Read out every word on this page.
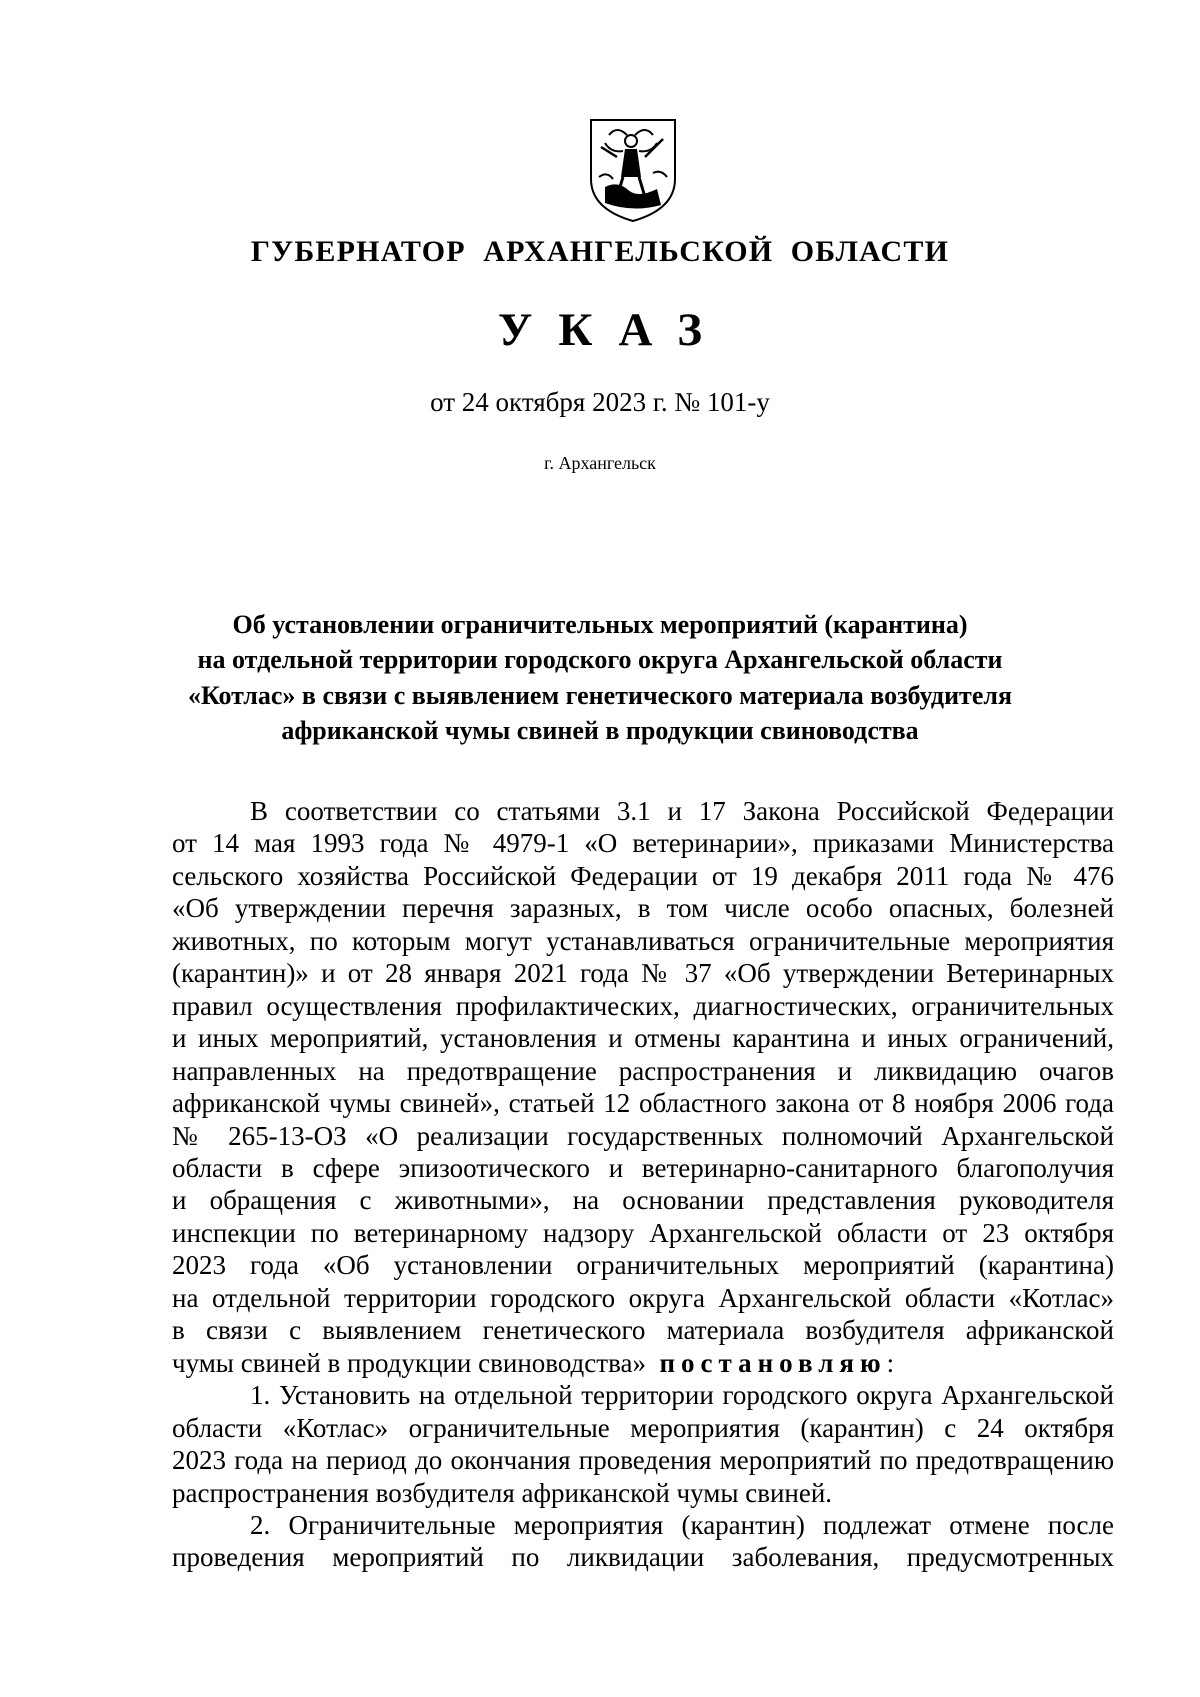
ГУБЕРНАТОР  АРХАНГЕЛЬСКОЙ  ОБЛАСТИ
УКАЗ
от 24 октября 2023 г. № 101-у
г. Архангельск
Об установлении ограничительных мероприятий (карантина)
на отдельной территории городского округа Архангельской области
«Котлас» в связи с выявлением генетического материала возбудителя
африканской чумы свиней в продукции свиноводства

В соответствии со статьями 3.1 и 17 Закона Российской Федерации
от 14 мая 1993 года № 4979-1 «О ветеринарии», приказами Министерства
сельского хозяйства Российской Федерации от 19 декабря 2011 года № 476
«Об утверждении перечня заразных, в том числе особо опасных, болезней
животных, по которым могут устанавливаться ограничительные мероприятия
(карантин)» и от 28 января 2021 года № 37 «Об утверждении Ветеринарных
правил осуществления профилактических, диагностических, ограничительных
и иных мероприятий, установления и отмены карантина и иных ограничений,
направленных на предотвращение распространения и ликвидацию очагов
африканской чумы свиней», статьей 12 областного закона от 8 ноября 2006 года
№ 265-13-ОЗ «О реализации государственных полномочий Архангельской
области в сфере эпизоотического и ветеринарно-санитарного благополучия
и обращения с животными», на основании представления руководителя
инспекции по ветеринарному надзору Архангельской области от 23 октября
2023 года «Об установлении ограничительных мероприятий (карантина)
на отдельной территории городского округа Архангельской области «Котлас»
в связи с выявлением генетического материала возбудителя африканской
чумы свиней в продукции свиноводства» постановляю:

1. Установить на отдельной территории городского округа Архангельской
области «Котлас» ограничительные мероприятия (карантин) с 24 октября
2023 года на период до окончания проведения мероприятий по предотвращению
распространения возбудителя африканской чумы свиней.

2. Ограничительные мероприятия (карантин) подлежат отмене после
проведения мероприятий по ликвидации заболевания, предусмотренных
